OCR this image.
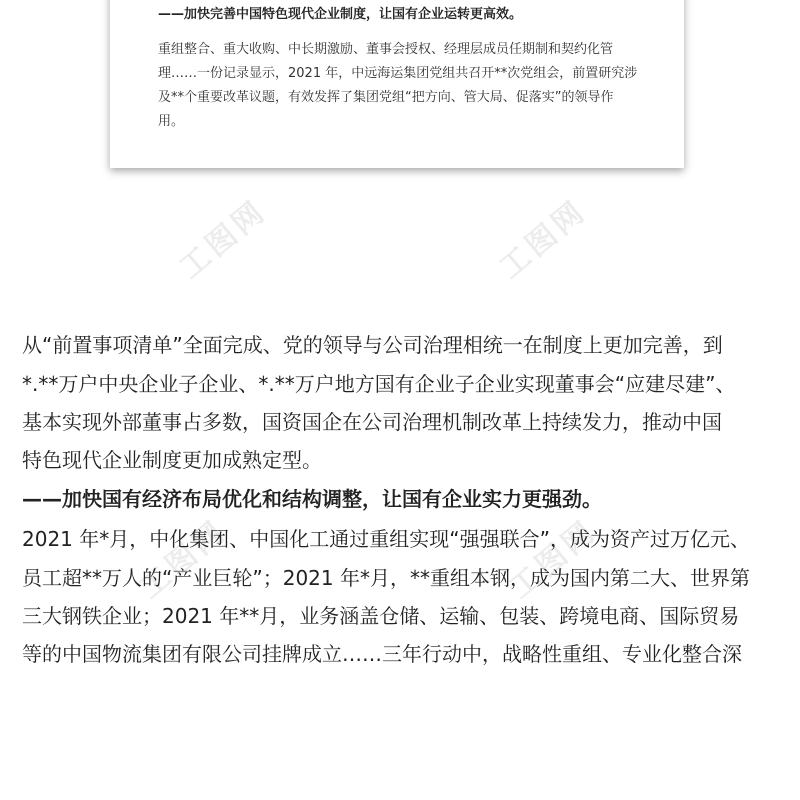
——加快完善中国特色现代企业制度，让国有企业运转更高效。
重组整合、重大收购、中长期激励、董事会授权、经理层成员任期制和契约化管
理……一份记录显示，2021 年，中远海运集团党组共召开**次党组会，前置研究涉
及**个重要改革议题，有效发挥了集团党组“把方向、管大局、促落实”的领导作
用。
工图网	工图网
工图网	工图网
从“前置事项清单”全面完成、党的领导与公司治理相统一在制度上更加完善，到
*.**万户中央企业子企业、*.**万户地方国有企业子企业实现董事会“应建尽建”、
基本实现外部董事占多数，国资国企在公司治理机制改革上持续发力，推动中国
特色现代企业制度更加成熟定型。
——加快国有经济布局优化和结构调整，让国有企业实力更强劲。
2021 年*月，中化集团、中国化工通过重组实现“强强联合”，成为资产过万亿元、
员工超**万人的“产业巨轮”；2021 年*月，**重组本钢，成为国内第二大、世界第
三大钢铁企业；2021 年**月，业务涵盖仓储、运输、包装、跨境电商、国际贸易
等的中国物流集团有限公司挂牌成立……三年行动中，战略性重组、专业化整合深
